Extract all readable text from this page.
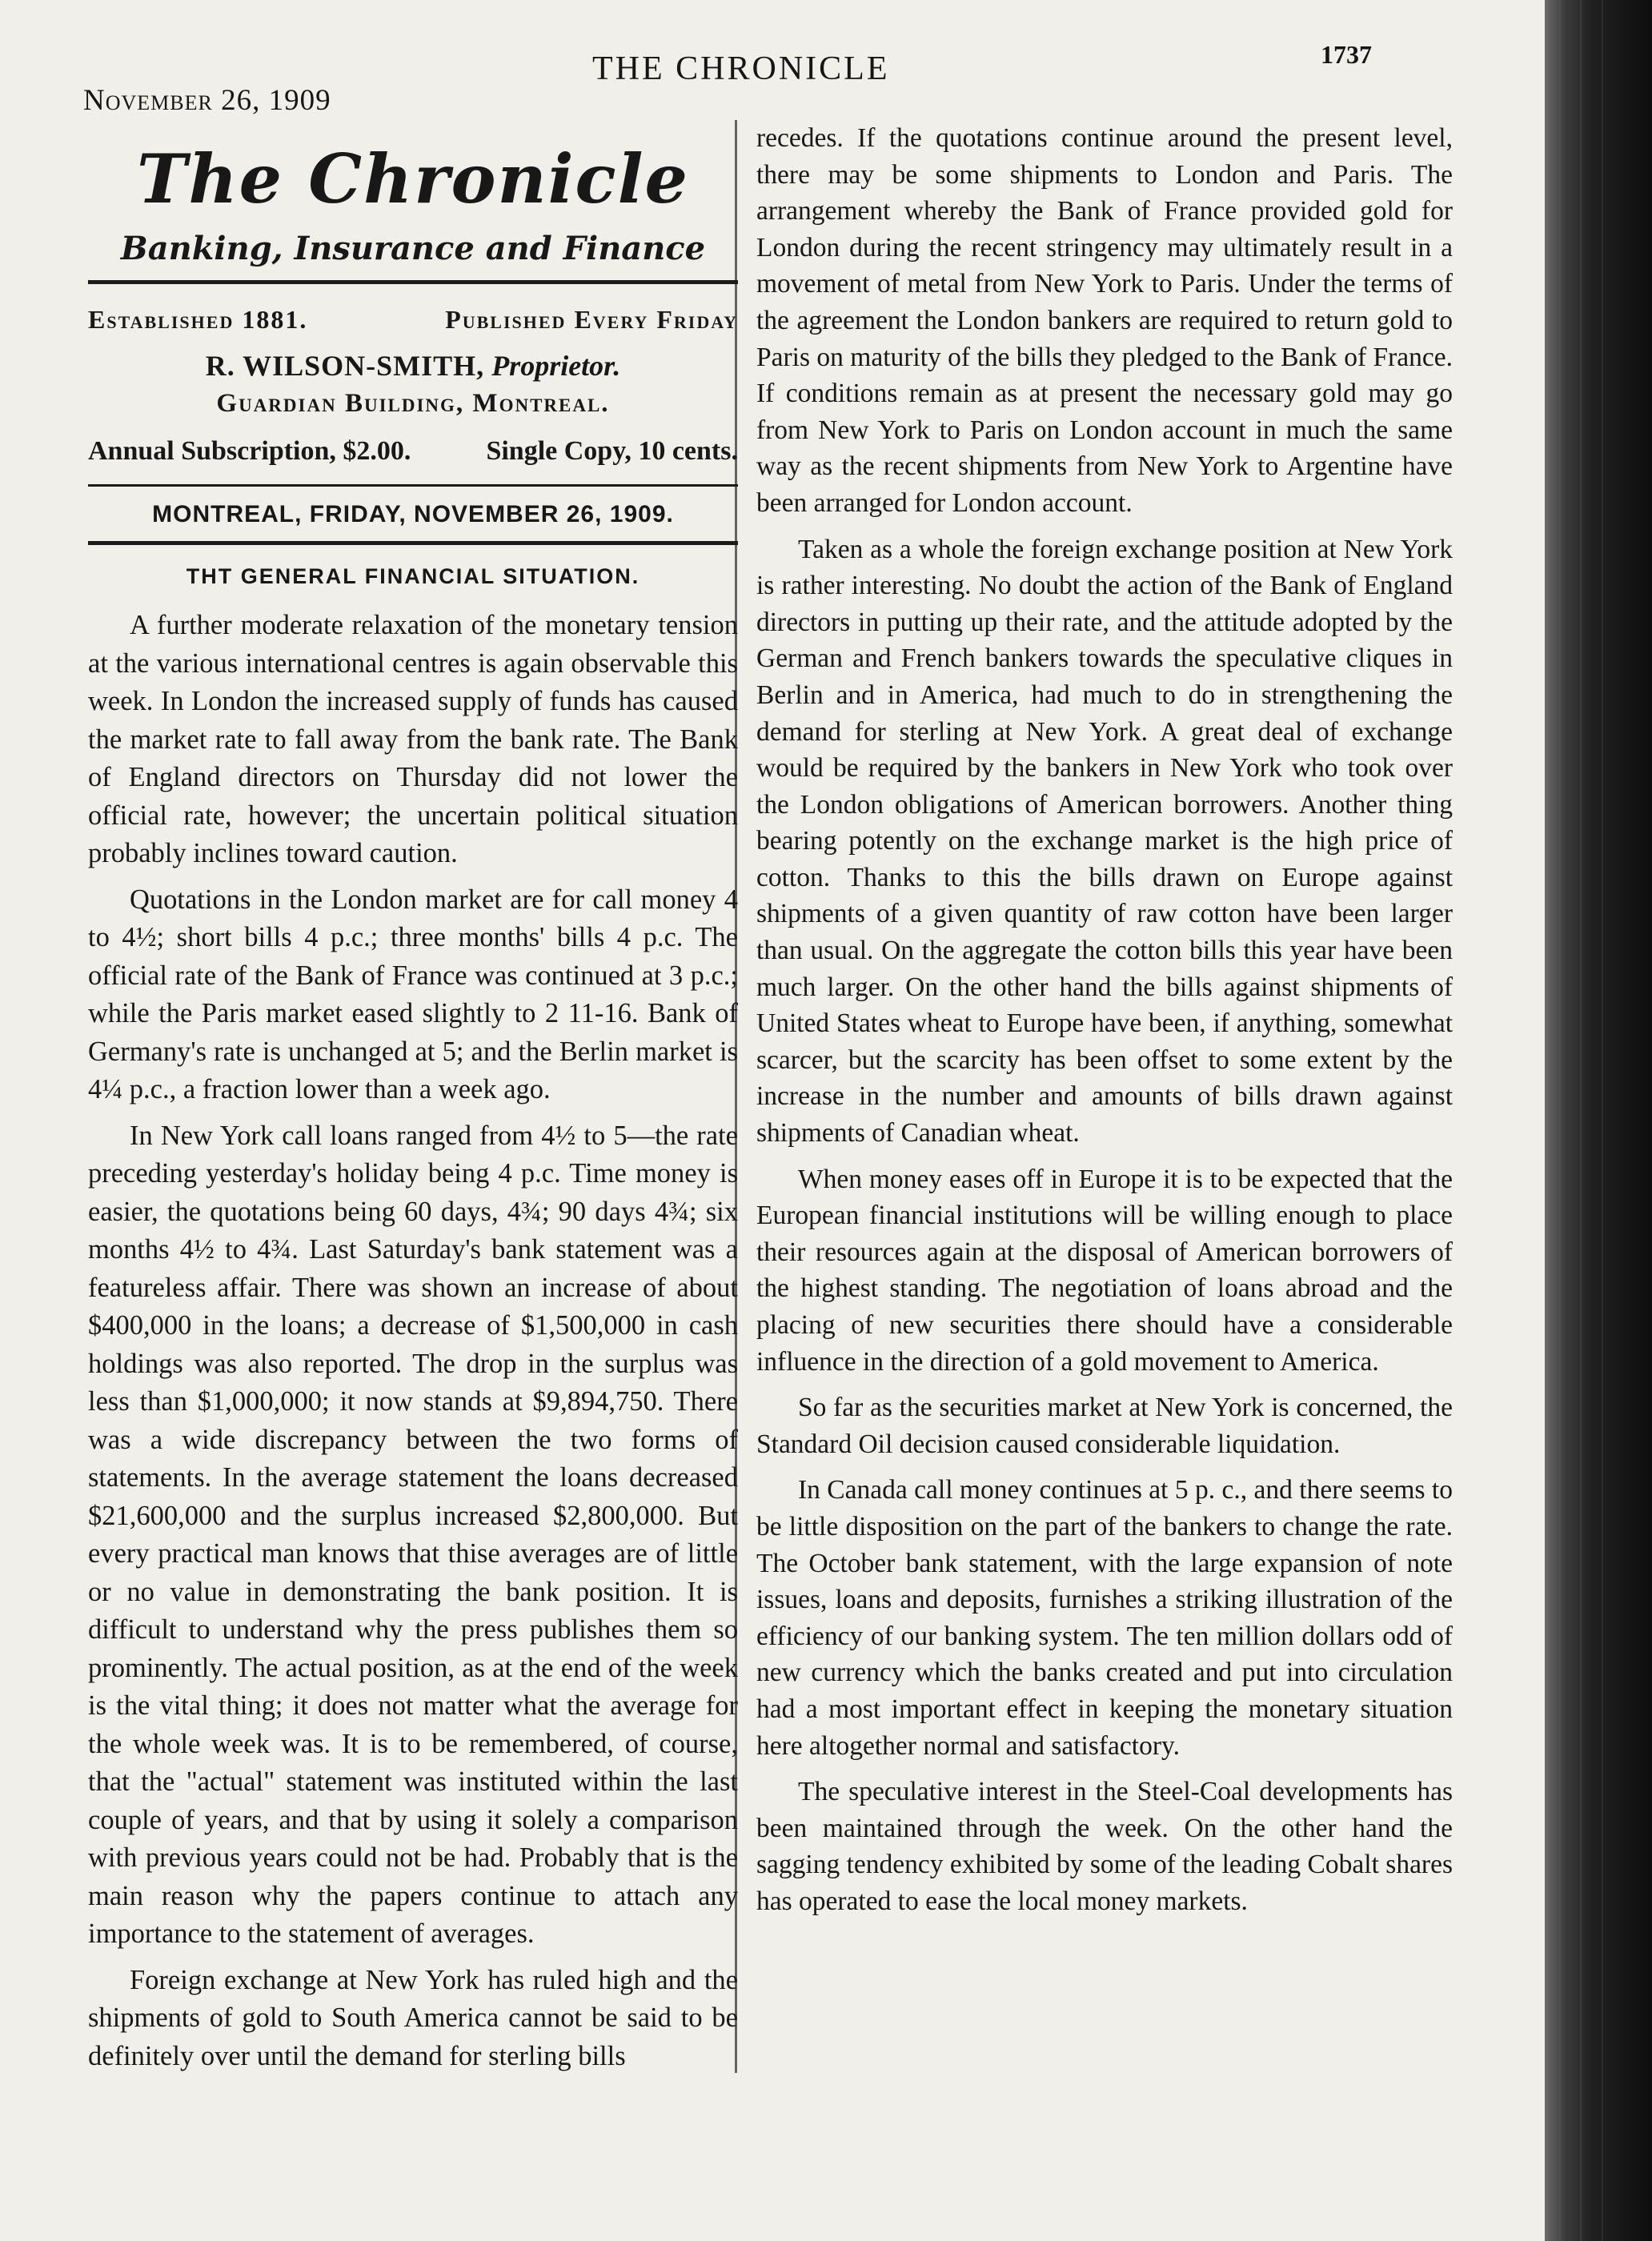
November 26, 1909
THE CHRONICLE	1737
The Chronicle
Banking, Insurance and Finance
Established 1881.	Published Every Friday
R. WILSON-SMITH, Proprietor.
Guardian Building, Montreal.
Annual Subscription, $2.00.	Single Copy, 10 cents.
MONTREAL, FRIDAY, NOVEMBER 26, 1909.
THT GENERAL FINANCIAL SITUATION.

A further moderate relaxation of the monetary tension at the various international centres is again observable this week. In London the increased supply of funds has caused the market rate to fall away from the bank rate. The Bank of England directors on Thursday did not lower the official rate, however; the uncertain political situation probably inclines toward caution.

Quotations in the London market are for call money 4 to 4½; short bills 4 p.c.; three months' bills 4 p.c. The official rate of the Bank of France was continued at 3 p.c.; while the Paris market eased slightly to 2 11-16. Bank of Germany's rate is unchanged at 5; and the Berlin market is 4¼ p.c., a fraction lower than a week ago.

In New York call loans ranged from 4½ to 5—the rate preceding yesterday's holiday being 4 p.c. Time money is easier, the quotations being 60 days, 4¾; 90 days 4¾; six months 4½ to 4¾. Last Saturday's bank statement was a featureless affair. There was shown an increase of about $400,000 in the loans; a decrease of $1,500,000 in cash holdings was also reported. The drop in the surplus was less than $1,000,000; it now stands at $9,894,750. There was a wide discrepancy between the two forms of statements. In the average statement the loans decreased $21,600,000 and the surplus increased $2,800,000. But every practical man knows that thise averages are of little or no value in demonstrating the bank position. It is difficult to understand why the press publishes them so prominently. The actual position, as at the end of the week is the vital thing; it does not matter what the average for the whole week was. It is to be remembered, of course, that the "actual" statement was instituted within the last couple of years, and that by using it solely a comparison with previous years could not be had. Probably that is the main reason why the papers continue to attach any importance to the statement of averages.

Foreign exchange at New York has ruled high and the shipments of gold to South America cannot be said to be definitely over until the demand for sterling bills

recedes. If the quotations continue around the present level, there may be some shipments to London and Paris. The arrangement whereby the Bank of France provided gold for London during the recent stringency may ultimately result in a movement of metal from New York to Paris. Under the terms of the agreement the London bankers are required to return gold to Paris on maturity of the bills they pledged to the Bank of France. If conditions remain as at present the necessary gold may go from New York to Paris on London account in much the same way as the recent shipments from New York to Argentine have been arranged for London account.

Taken as a whole the foreign exchange position at New York is rather interesting. No doubt the action of the Bank of England directors in putting up their rate, and the attitude adopted by the German and French bankers towards the speculative cliques in Berlin and in America, had much to do in strengthening the demand for sterling at New York. A great deal of exchange would be required by the bankers in New York who took over the London obligations of American borrowers. Another thing bearing potently on the exchange market is the high price of cotton. Thanks to this the bills drawn on Europe against shipments of a given quantity of raw cotton have been larger than usual. On the aggregate the cotton bills this year have been much larger. On the other hand the bills against shipments of United States wheat to Europe have been, if anything, somewhat scarcer, but the scarcity has been offset to some extent by the increase in the number and amounts of bills drawn against shipments of Canadian wheat.

When money eases off in Europe it is to be expected that the European financial institutions will be willing enough to place their resources again at the disposal of American borrowers of the highest standing. The negotiation of loans abroad and the placing of new securities there should have a considerable influence in the direction of a gold movement to America.

So far as the securities market at New York is concerned, the Standard Oil decision caused considerable liquidation.

In Canada call money continues at 5 p. c., and there seems to be little disposition on the part of the bankers to change the rate. The October bank statement, with the large expansion of note issues, loans and deposits, furnishes a striking illustration of the efficiency of our banking system. The ten million dollars odd of new currency which the banks created and put into circulation had a most important effect in keeping the monetary situation here altogether normal and satisfactory.

The speculative interest in the Steel-Coal developments has been maintained through the week. On the other hand the sagging tendency exhibited by some of the leading Cobalt shares has operated to ease the local money markets.
